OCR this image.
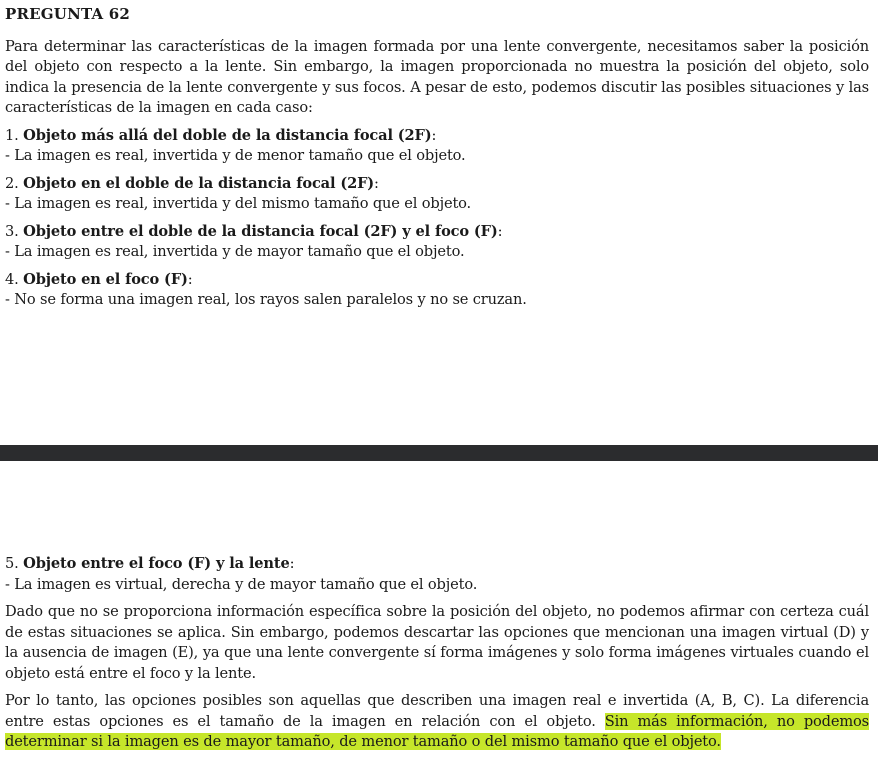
PREGUNTA 62

Para determinar las características de la imagen formada por una lente convergente, necesitamos saber la posición del objeto con respecto a la lente. Sin embargo, la imagen proporcionada no muestra la posición del objeto, solo indica la presencia de la lente convergente y sus focos. A pesar de esto, podemos discutir las posibles situaciones y las características de la imagen en cada caso:

1. Objeto más allá del doble de la distancia focal (2F):

- La imagen es real, invertida y de menor tamaño que el objeto.

2. Objeto en el doble de la distancia focal (2F):

- La imagen es real, invertida y del mismo tamaño que el objeto.

3. Objeto entre el doble de la distancia focal (2F) y el foco (F):

- La imagen es real, invertida y de mayor tamaño que el objeto.

4. Objeto en el foco (F):

- No se forma una imagen real, los rayos salen paralelos y no se cruzan.

5. Objeto entre el foco (F) y la lente:

- La imagen es virtual, derecha y de mayor tamaño que el objeto.

Dado que no se proporciona información específica sobre la posición del objeto, no podemos afirmar con certeza cuál de estas situaciones se aplica. Sin embargo, podemos descartar las opciones que mencionan una imagen virtual (D) y la ausencia de imagen (E), ya que una lente convergente sí forma imágenes y solo forma imágenes virtuales cuando el objeto está entre el foco y la lente.

Por lo tanto, las opciones posibles son aquellas que describen una imagen real e invertida (A, B, C). La diferencia entre estas opciones es el tamaño de la imagen en relación con el objeto. Sin más información, no podemos determinar si la imagen es de mayor tamaño, de menor tamaño o del mismo tamaño que el objeto.
